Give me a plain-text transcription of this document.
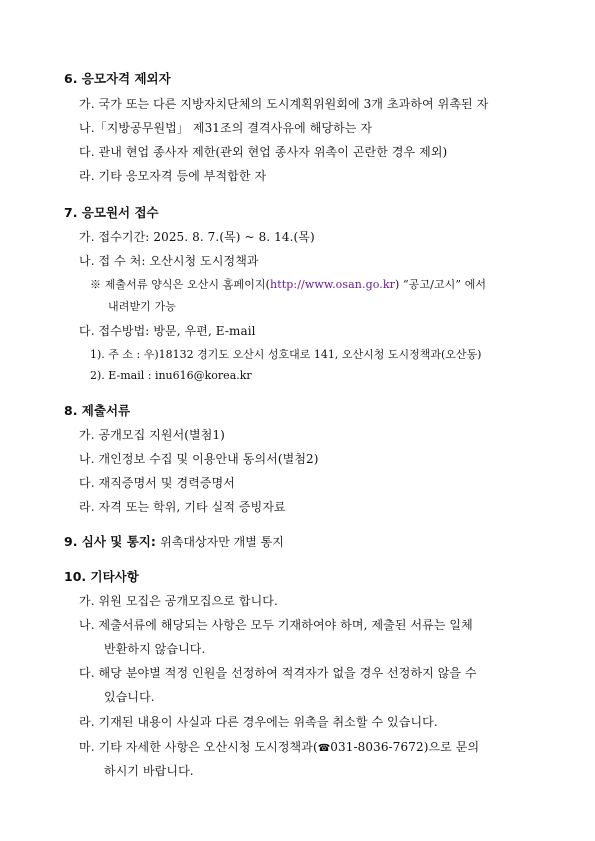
6. 응모자격 제외자
가. 국가 또는 다른 지방자치단체의 도시계획위원회에 3개 초과하여 위촉된 자
나.「지방공무원법」 제31조의 결격사유에 해당하는 자
다. 관내 현업 종사자 제한(관외 현업 종사자 위촉이 곤란한 경우 제외)
라. 기타 응모자격 등에 부적합한 자
7. 응모원서 접수
가. 접수기간: 2025. 8. 7.(목) ~ 8. 14.(목)
나. 접 수 처: 오산시청 도시정책과
※ 제출서류 양식은 오산시 홈페이지(http://www.osan.go.kr) “공고/고시” 에서
내려받기 가능
다. 접수방법: 방문, 우편, E-mail
1). 주 소 : 우)18132 경기도 오산시 성호대로 141, 오산시청 도시정책과(오산동)
2). E-mail : inu616@korea.kr
8. 제출서류
가. 공개모집 지원서(별첨1)
나. 개인정보 수집 및 이용안내 동의서(별첨2)
다. 재직증명서 및 경력증명서
라. 자격 또는 학위, 기타 실적 증빙자료
9. 심사 및 통지: 위촉대상자만 개별 통지
10. 기타사항
가. 위원 모집은 공개모집으로 합니다.
나. 제출서류에 해당되는 사항은 모두 기재하여야 하며, 제출된 서류는 일체
반환하지 않습니다.
다. 해당 분야별 적정 인원을 선정하여 적격자가 없을 경우 선정하지 않을 수
있습니다.
라. 기재된 내용이 사실과 다른 경우에는 위촉을 취소할 수 있습니다.
마. 기타 자세한 사항은 오산시청 도시정책과(☎031-8036-7672)으로 문의
하시기 바랍니다.
